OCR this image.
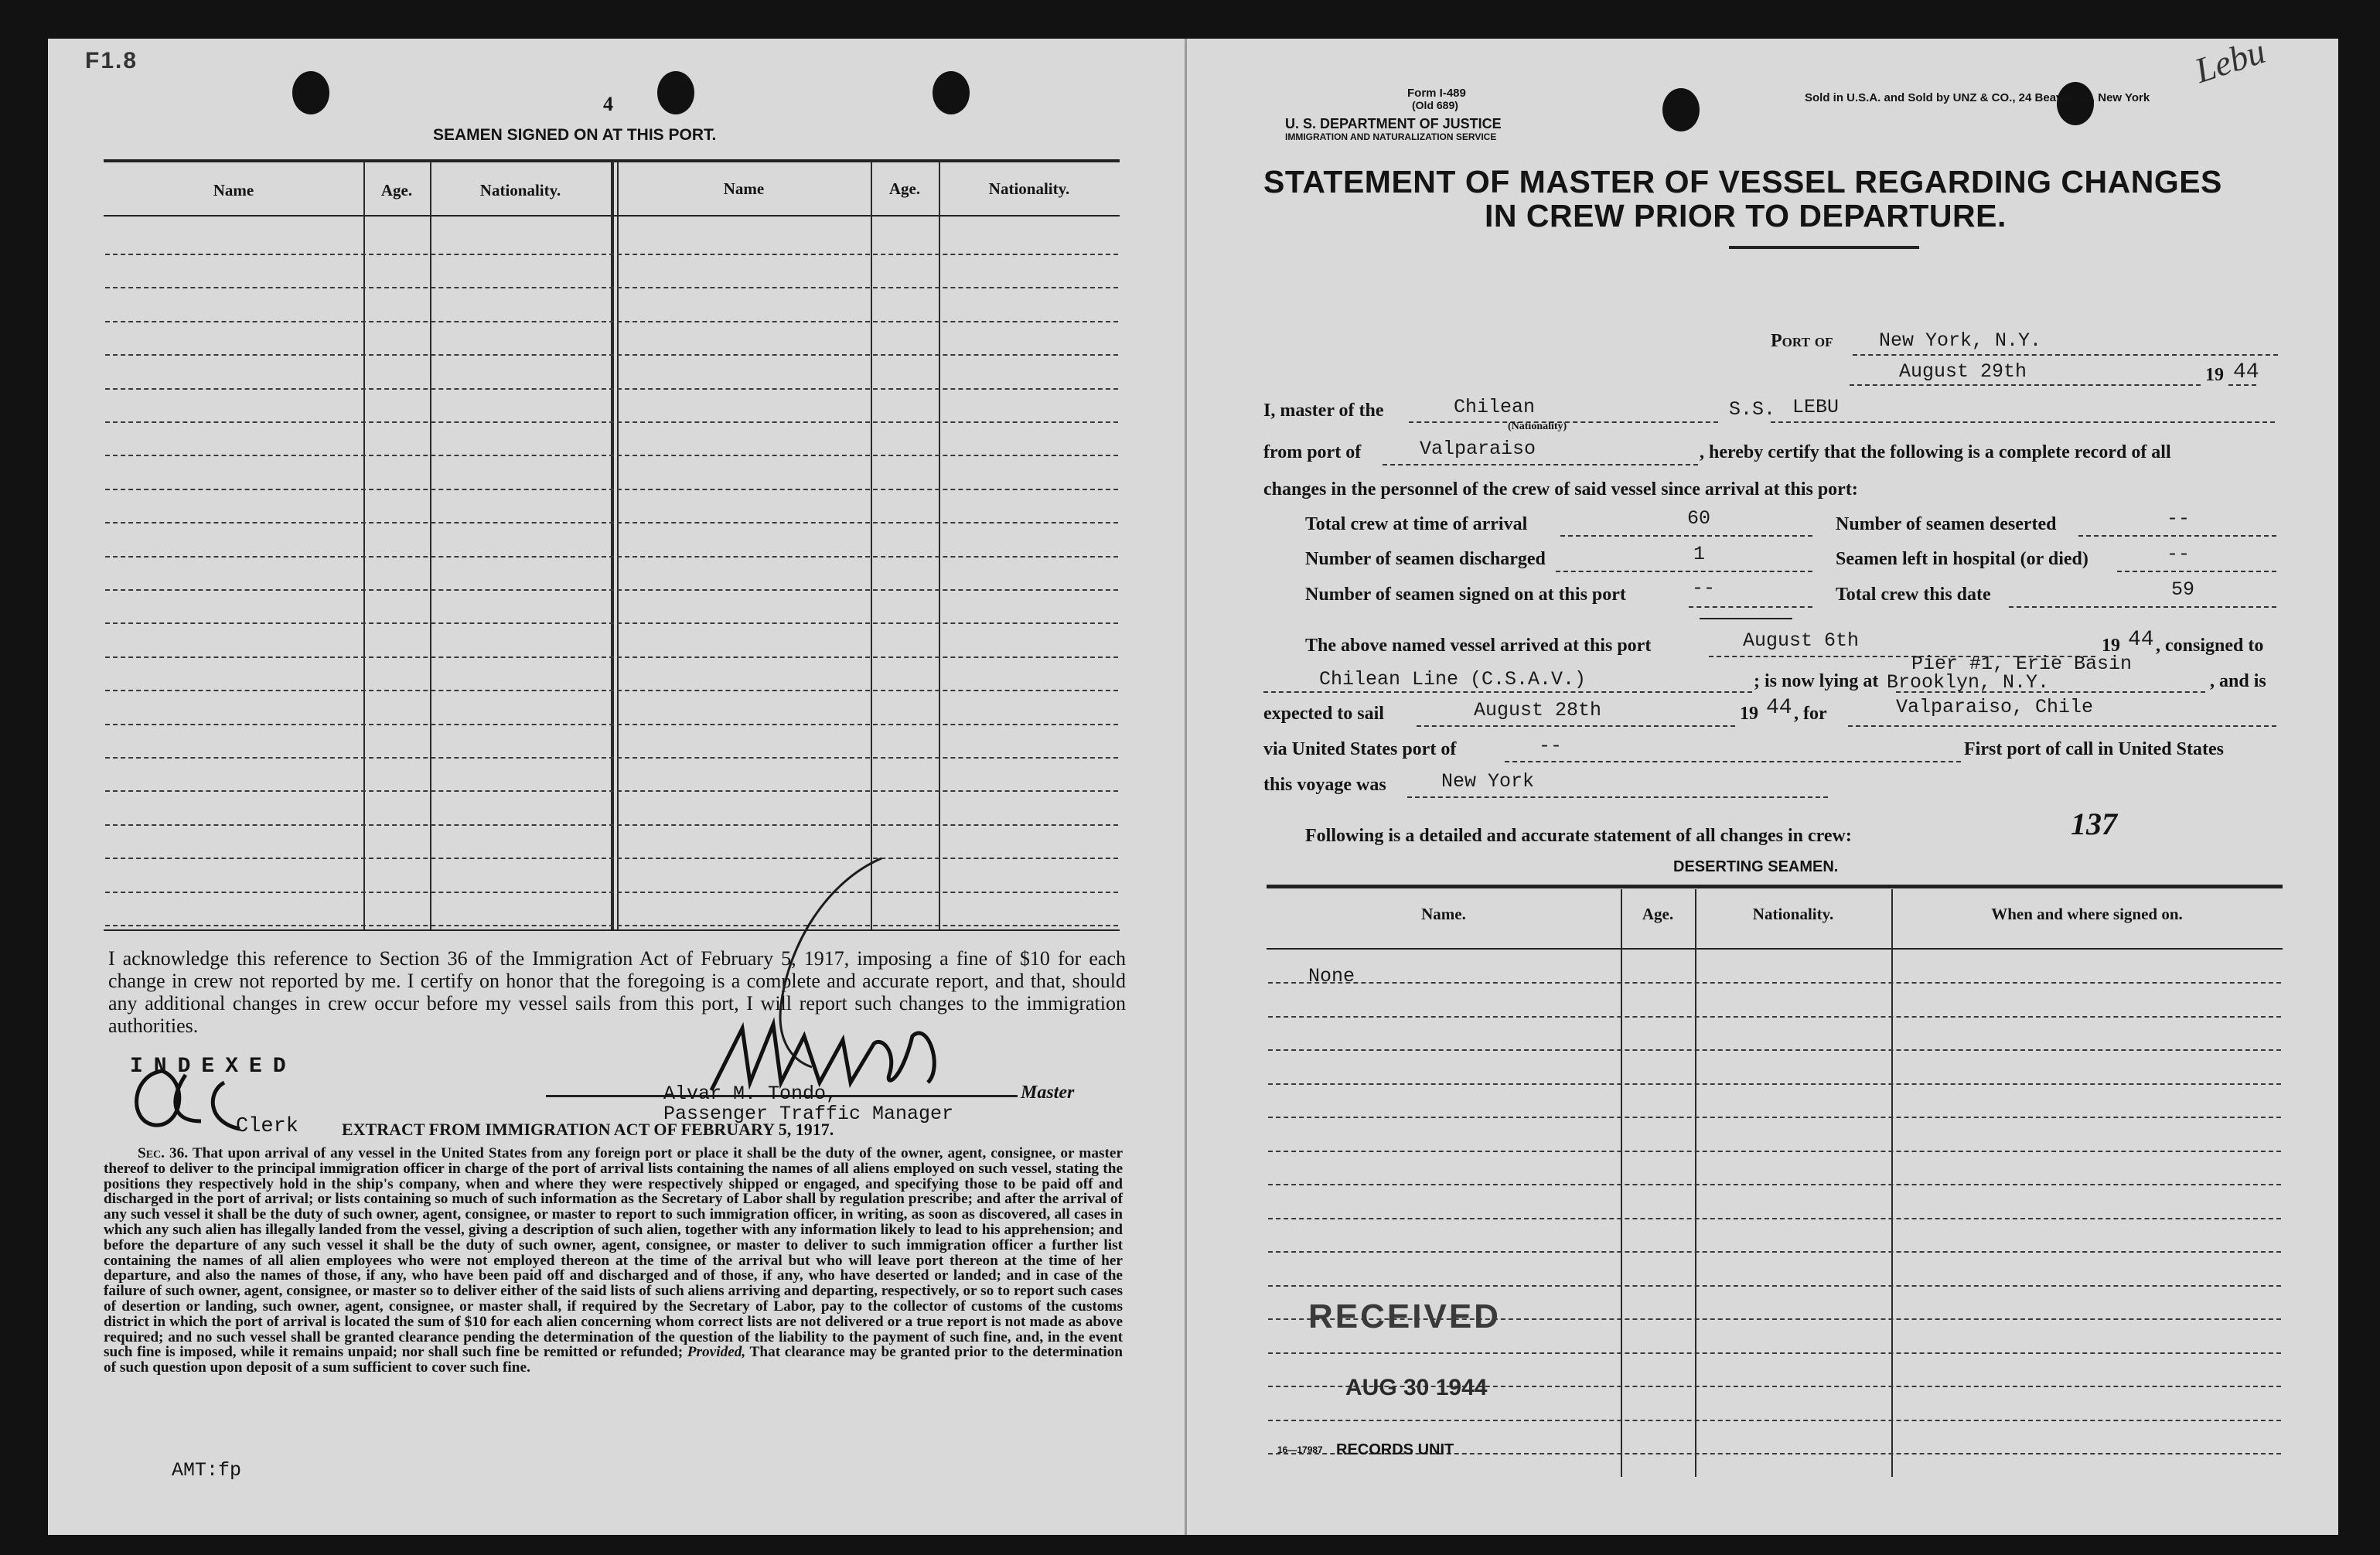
F1.8
4
SEAMEN SIGNED ON AT THIS PORT.
Name	Age.	Nationality.	Name	Age.	Nationality.
I acknowledge this reference to Section 36 of the Immigration Act of February 5, 1917, imposing a fine of $10 for each change in crew not reported by me. I certify on honor that the foregoing is a complete and accurate report, and that, should any additional changes in crew occur before my vessel sails from this port, I will report such changes to the immigration authorities.
INDEXED
Clerk
Alvar M. Tondo,
Passenger Traffic Manager
Master
EXTRACT FROM IMMIGRATION ACT OF FEBRUARY 5, 1917.
Sec. 36. That upon arrival of any vessel in the United States from any foreign port or place it shall be the duty of the owner, agent, consignee, or master thereof to deliver to the principal immigration officer in charge of the port of arrival lists containing the names of all aliens employed on such vessel, stating the positions they respectively hold in the ship's company, when and where they were respectively shipped or engaged, and specifying those to be paid off and discharged in the port of arrival; or lists containing so much of such information as the Secretary of Labor shall by regulation prescribe; and after the arrival of any such vessel it shall be the duty of such owner, agent, consignee, or master to report to such immigration officer, in writing, as soon as discovered, all cases in which any such alien has illegally landed from the vessel, giving a description of such alien, together with any information likely to lead to his apprehension; and before the departure of any such vessel it shall be the duty of such owner, agent, consignee, or master to deliver to such immigration officer a further list containing the names of all alien employees who were not employed thereon at the time of the arrival but who will leave port thereon at the time of her departure, and also the names of those, if any, who have been paid off and discharged and of those, if any, who have deserted or landed; and in case of the failure of such owner, agent, consignee, or master so to deliver either of the said lists of such aliens arriving and departing, respectively, or so to report such cases of desertion or landing, such owner, agent, consignee, or master shall, if required by the Secretary of Labor, pay to the collector of customs of the customs district in which the port of arrival is located the sum of $10 for each alien concerning whom correct lists are not delivered or a true report is not made as above required; and no such vessel shall be granted clearance pending the determination of the question of the liability to the payment of such fine, and, in the event such fine is imposed, while it remains unpaid; nor shall such fine be remitted or refunded; Provided, That clearance may be granted prior to the determination of such question upon deposit of a sum sufficient to cover such fine.
AMT:fp
Form I-489
(Old 689)
U. S. DEPARTMENT OF JUSTICE
IMMIGRATION AND NATURALIZATION SERVICE
Sold in U.S.A. and Sold by UNZ & CO., 24 Beaver St., New York
Lebu
STATEMENT OF MASTER OF VESSEL REGARDING CHANGES
IN CREW PRIOR TO DEPARTURE.
Port of New York, N.Y.
August 29th	19 44
I, master of the	Chilean
(Nationality)
S.S. LEBU
from port of	Valparaiso	, hereby certify that the following is a complete record of all
changes in the personnel of the crew of said vessel since arrival at this port:
Total crew at time of arrival	60
Number of seamen discharged	1
Number of seamen signed on at this port	--
Number of seamen deserted	--
Seamen left in hospital (or died)	--
Total crew this date	59
The above named vessel arrived at this port	August 6th	19 44 , consigned to
Chilean Line (C.S.A.V.)	; is now lying at
Pier #1, Erie Basin
Brooklyn, N.Y.	, and is
expected to sail	August 28th	19 44 , for	Valparaiso, Chile
via United States port of	--	First port of call in United States
this voyage was	New York
Following is a detailed and accurate statement of all changes in crew:	137
DESERTING SEAMEN.
Name.	Age.	Nationality.	When and where signed on.
None
RECEIVED
AUG 30 1944
16—17987 RECORDS UNIT
